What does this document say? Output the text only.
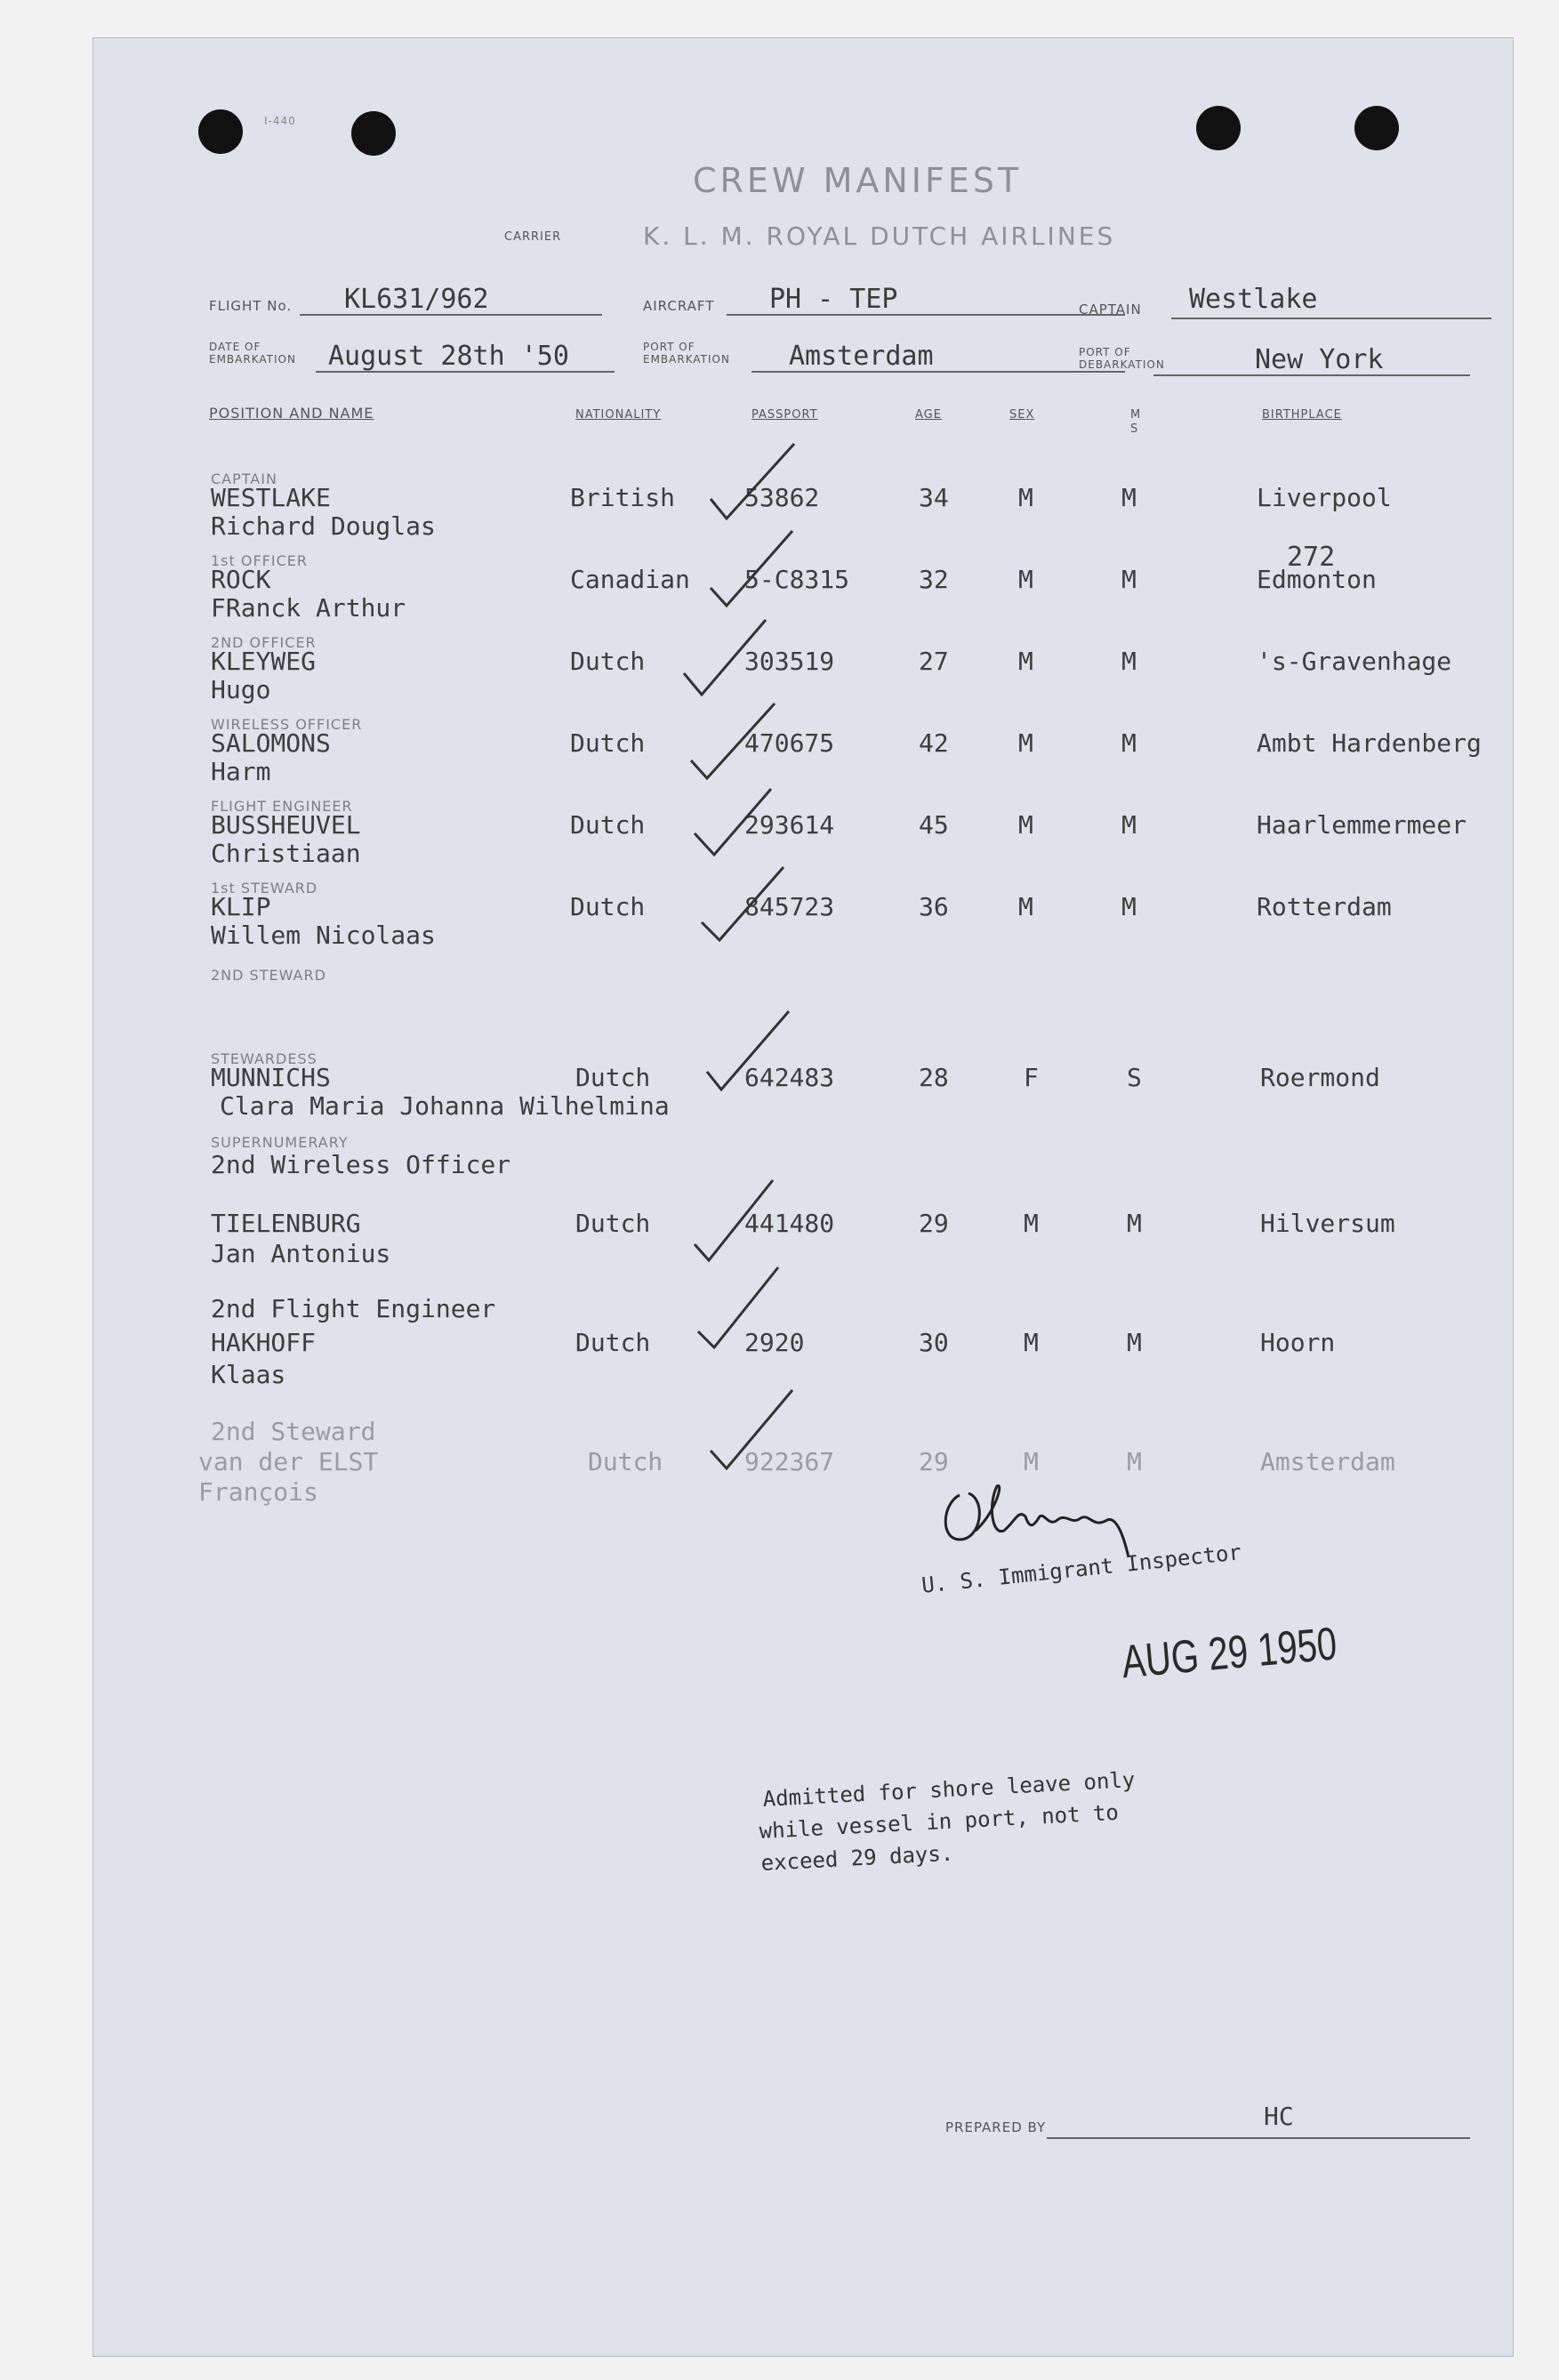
I-440
CREW MANIFEST
CARRIER	K. L. M. ROYAL DUTCH AIRLINES
FLIGHT No. KL631/962	AIRCRAFT PH - TEP	CAPTAIN Westlake
DATE OF EMBARKATION	August 28th '50	PORT OF EMBARKATION	Amsterdam	PORT OF DEBARKATION	New York
POSITION AND NAME	NATIONALITY	PASSPORT	AGE	SEX	M S
BIRTHPLACE
CAPTAIN
WESTLAKE
Richard Douglas
British	53862	34	M	M	Liverpool
1st OFFICER
ROCK
FRanck Arthur
Canadian 5-C8315	32	M	M	Edmonton
2ND OFFICER
KLEYWEG
Hugo
Dutch	303519	27	M	M	's-Gravenhage
WIRELESS OFFICER
SALOMONS
Harm
Dutch	470675	42	M	M	Ambt Hardenberg
FLIGHT ENGINEER
BUSSHEUVEL
Christiaan
Dutch	293614	45	M	M	Haarlemmermeer
1st STEWARD
KLIP
Willem Nicolaas
Dutch	845723	36	M	M	Rotterdam
2ND STEWARD
STEWARDESS
MUNNICHS
Clara Maria Johanna Wilhelmina
Dutch	642483	28	F	S	Roermond
SUPERNUMERARY
2nd Wireless Officer
TIELENBURG
Jan Antonius
Dutch	441480	29	M	M	Hilversum
2nd Flight Engineer
HAKHOFF
Klaas
Dutch	2920	30	M	M	Hoorn
2nd Steward
van der ELST
François
Dutch	922367	29	M	M	Amsterdam
272
U. S. Immigrant Inspector
AUG 29 1950
Admitted for shore leave only
while vessel in port, not to
exceed 29 days.
PREPARED BY	HC
